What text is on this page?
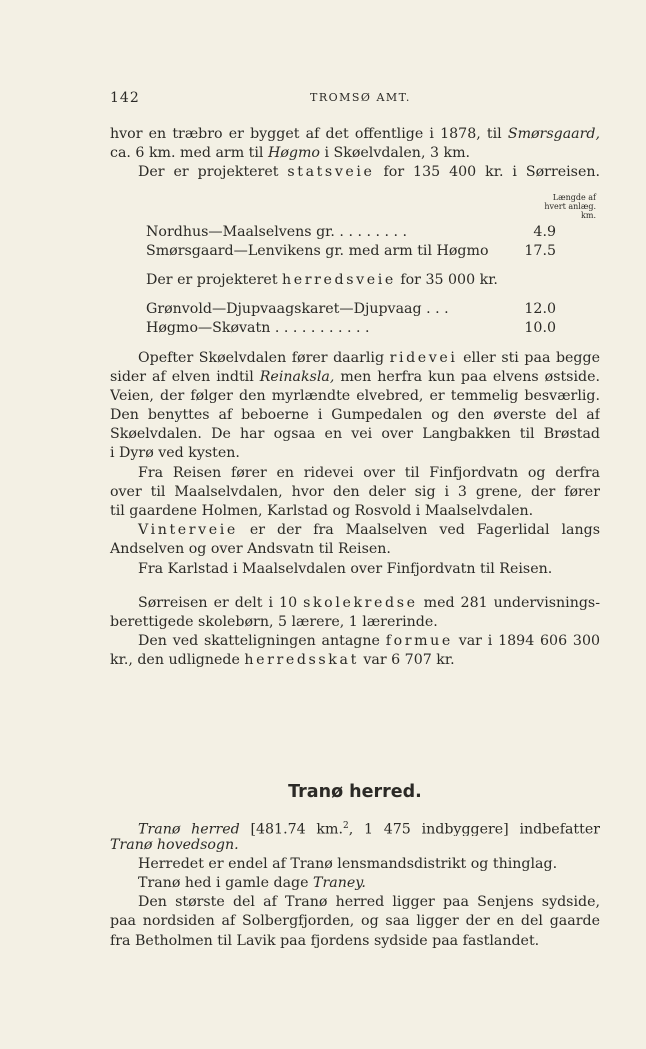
142	TROMSØ AMT.
hvor en træbro er bygget af det offentlige i 1878, til Smørsgaard,
ca. 6 km. med arm til Høgmo i Skøelvdalen, 3 km.
Der er projekteret statsveie for 135 400 kr. i Sørreisen.
Længde af
hvert anlæg.
km.
Nordhus—Maalselvens gr. . . . . . . . .	4.9
Smørsgaard—Lenvikens gr. med arm til Høgmo	17.5
Der er projekteret herredsveie for 35 000 kr.
Grønvold—Djupvaagskaret—Djupvaag . . .	12.0
Høgmo—Skøvatn . . . . . . . . . . .	10.0
Opefter Skøelvdalen fører daarlig ridevei eller sti paa begge
sider af elven indtil Reinaksla, men herfra kun paa elvens østside.
Veien, der følger den myrlændte elvebred, er temmelig besværlig.
Den benyttes af beboerne i Gumpedalen og den øverste del af
Skøelvdalen. De har ogsaa en vei over Langbakken til Brøstad
i Dyrø ved kysten.
Fra Reisen fører en ridevei over til Finfjordvatn og derfra
over til Maalselvdalen, hvor den deler sig i 3 grene, der fører
til gaardene Holmen, Karlstad og Rosvold i Maalselvdalen.
Vinterveie er der fra Maalselven ved Fagerlidal langs
Andselven og over Andsvatn til Reisen.
Fra Karlstad i Maalselvdalen over Finfjordvatn til Reisen.
Sørreisen er delt i 10 skolekredse med 281 undervisnings-
berettigede skolebørn, 5 lærere, 1 lærerinde.
Den ved skatteligningen antagne formue var i 1894 606 300
kr., den udlignede herredsskat var 6 707 kr.
Tranø herred.
Tranø herred [481.74 km.$^2$, 1 475 indbyggere] indbefatter
Tranø hovedsogn.
Herredet er endel af Tranø lensmandsdistrikt og thinglag.
Tranø hed i gamle dage Traney.
Den største del af Tranø herred ligger paa Senjens sydside,
paa nordsiden af Solbergfjorden, og saa ligger der en del gaarde
fra Betholmen til Lavik paa fjordens sydside paa fastlandet.
